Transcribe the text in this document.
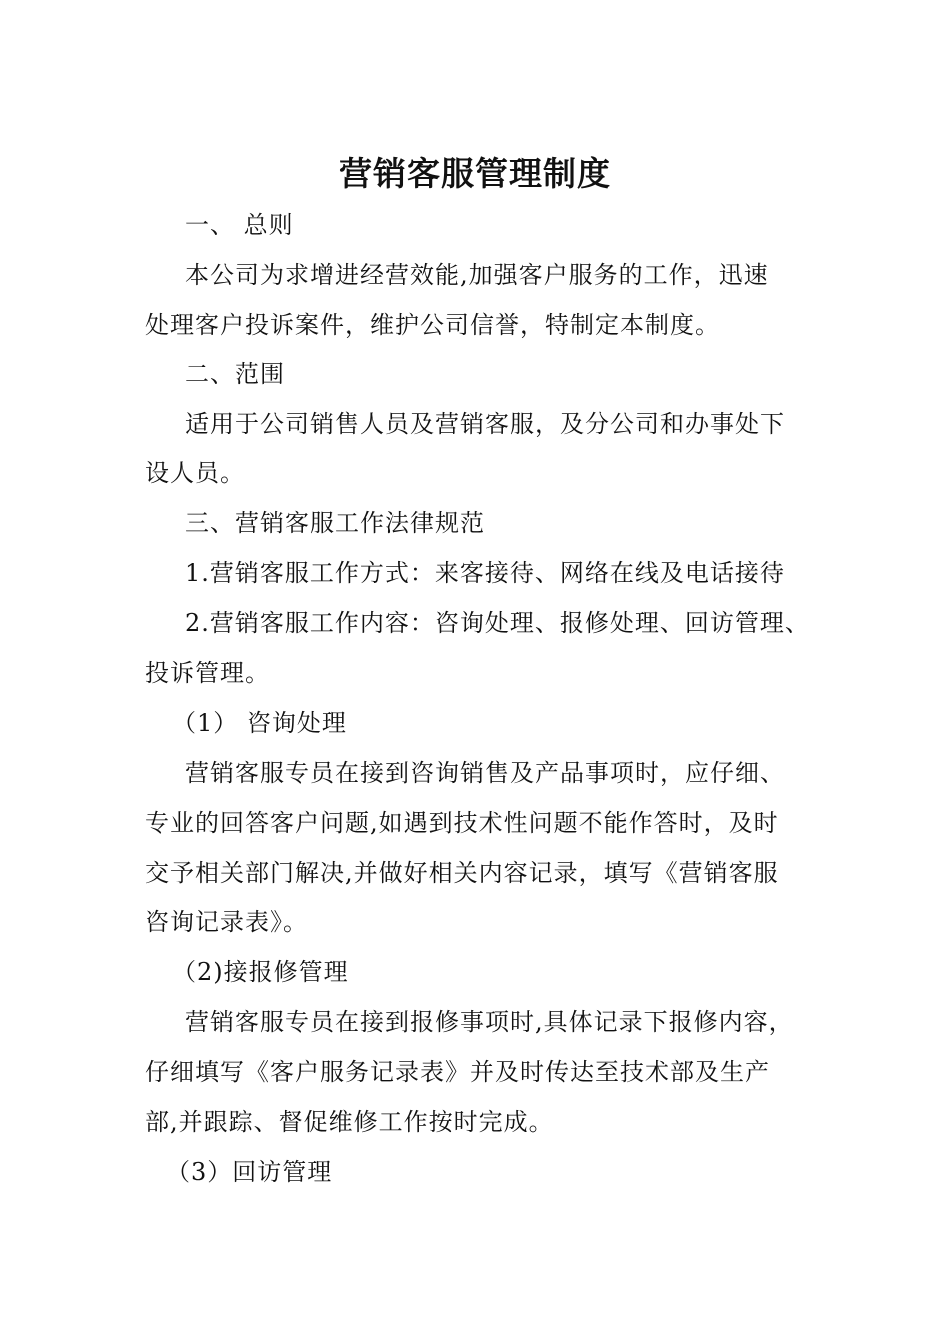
营销客服管理制度
一、 总则
本公司为求增进经营效能,加强客户服务的工作，迅速
处理客户投诉案件，维护公司信誉，特制定本制度。
二、范围
适用于公司销售人员及营销客服，及分公司和办事处下
设人员。
三、营销客服工作法律规范
1.营销客服工作方式：来客接待、网络在线及电话接待
2.营销客服工作内容：咨询处理、报修处理、回访管理、
投诉管理。
（1） 咨询处理
营销客服专员在接到咨询销售及产品事项时，应仔细、
专业的回答客户问题,如遇到技术性问题不能作答时，及时
交予相关部门解决,并做好相关内容记录，填写《营销客服
咨询记录表》。
（2)接报修管理
营销客服专员在接到报修事项时,具体记录下报修内容，
仔细填写《客户服务记录表》并及时传达至技术部及生产
部,并跟踪、督促维修工作按时完成。
（3）回访管理
